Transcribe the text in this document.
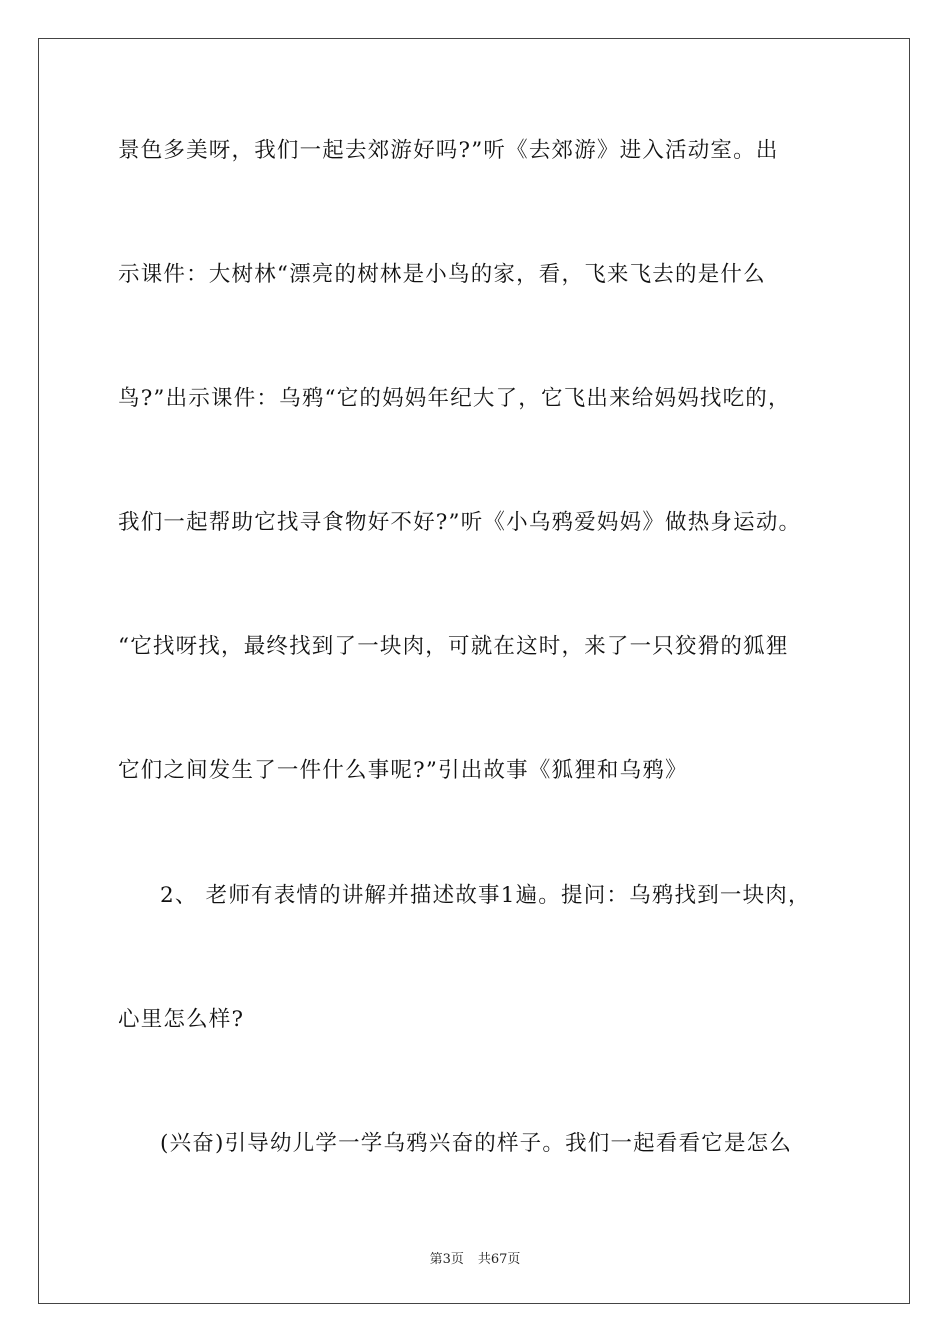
景色多美呀，我们一起去郊游好吗?”听《去郊游》进入活动室。出
示课件：大树林“漂亮的树林是小鸟的家，看，飞来飞去的是什么
鸟?”出示课件：乌鸦“它的妈妈年纪大了，它飞出来给妈妈找吃的，
我们一起帮助它找寻食物好不好?”听《小乌鸦爱妈妈》做热身运动。
“它找呀找，最终找到了一块肉，可就在这时，来了一只狡猾的狐狸
它们之间发生了一件什么事呢?”引出故事《狐狸和乌鸦》
2、 老师有表情的讲解并描述故事1遍。提问：乌鸦找到一块肉，
心里怎么样?
(兴奋)引导幼儿学一学乌鸦兴奋的样子。我们一起看看它是怎么
第3页 共67页
